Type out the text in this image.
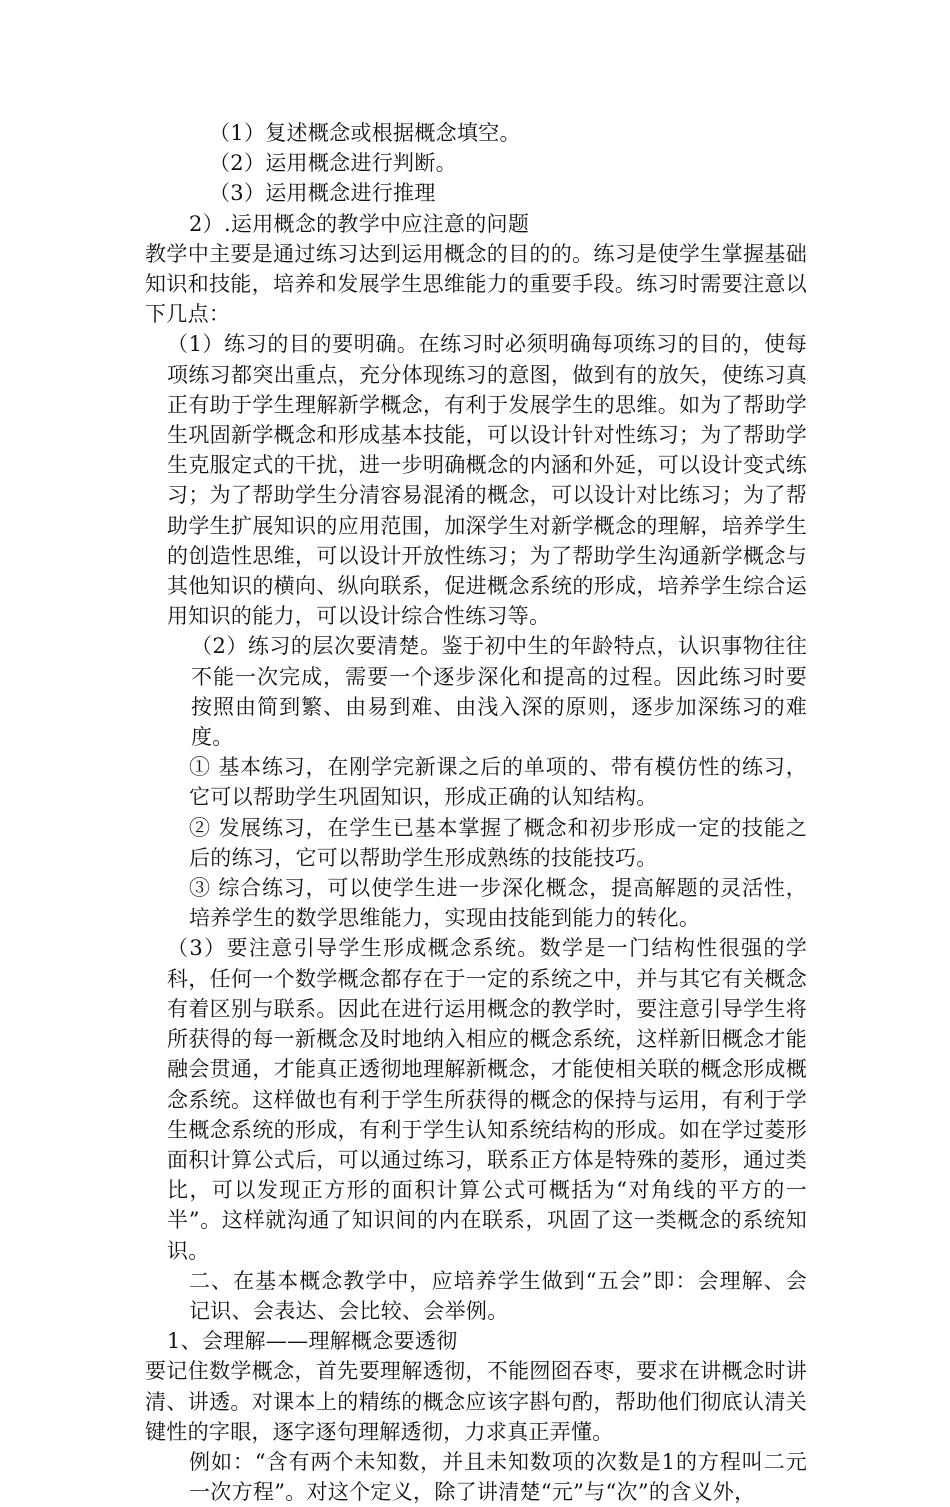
（1）复述概念或根据概念填空。

（2）运用概念进行判断。

（3）运用概念进行推理

2）.运用概念的教学中应注意的问题

教学中主要是通过练习达到运用概念的目的的。练习是使学生掌握基础知识和技能，培养和发展学生思维能力的重要手段。练习时需要注意以下几点：

（1）练习的目的要明确。在练习时必须明确每项练习的目的，使每项练习都突出重点，充分体现练习的意图，做到有的放矢，使练习真正有助于学生理解新学概念，有利于发展学生的思维。如为了帮助学生巩固新学概念和形成基本技能，可以设计针对性练习；为了帮助学生克服定式的干扰，进一步明确概念的内涵和外延，可以设计变式练习；为了帮助学生分清容易混淆的概念，可以设计对比练习；为了帮助学生扩展知识的应用范围，加深学生对新学概念的理解，培养学生的创造性思维，可以设计开放性练习；为了帮助学生沟通新学概念与其他知识的横向、纵向联系，促进概念系统的形成，培养学生综合运用知识的能力，可以设计综合性练习等。

（2）练习的层次要清楚。鉴于初中生的年龄特点，认识事物往往不能一次完成，需要一个逐步深化和提高的过程。因此练习时要按照由简到繁、由易到难、由浅入深的原则，逐步加深练习的难度。

① 基本练习，在刚学完新课之后的单项的、带有模仿性的练习，它可以帮助学生巩固知识，形成正确的认知结构。

② 发展练习，在学生已基本掌握了概念和初步形成一定的技能之后的练习，它可以帮助学生形成熟练的技能技巧。

③ 综合练习，可以使学生进一步深化概念，提高解题的灵活性，培养学生的数学思维能力，实现由技能到能力的转化。

（3）要注意引导学生形成概念系统。数学是一门结构性很强的学科，任何一个数学概念都存在于一定的系统之中，并与其它有关概念有着区别与联系。因此在进行运用概念的教学时，要注意引导学生将所获得的每一新概念及时地纳入相应的概念系统，这样新旧概念才能融会贯通，才能真正透彻地理解新概念，才能使相关联的概念形成概念系统。这样做也有利于学生所获得的概念的保持与运用，有利于学生概念系统的形成，有利于学生认知系统结构的形成。如在学过菱形面积计算公式后，可以通过练习，联系正方体是特殊的菱形，通过类比，可以发现正方形的面积计算公式可概括为“对角线的平方的一半”。这样就沟通了知识间的内在联系，巩固了这一类概念的系统知识。

二、在基本概念教学中，应培养学生做到“五会”即：会理解、会记识、会表达、会比较、会举例。

1、会理解——理解概念要透彻

要记住数学概念，首先要理解透彻，不能囫囵吞枣，要求在讲概念时讲清、讲透。对课本上的精练的概念应该字斟句酌，帮助他们彻底认清关键性的字眼，逐字逐句理解透彻，力求真正弄懂。

例如：“含有两个未知数，并且未知数项的次数是1的方程叫二元一次方程”。对这个定义，除了讲清楚“元”与“次”的含义外，
